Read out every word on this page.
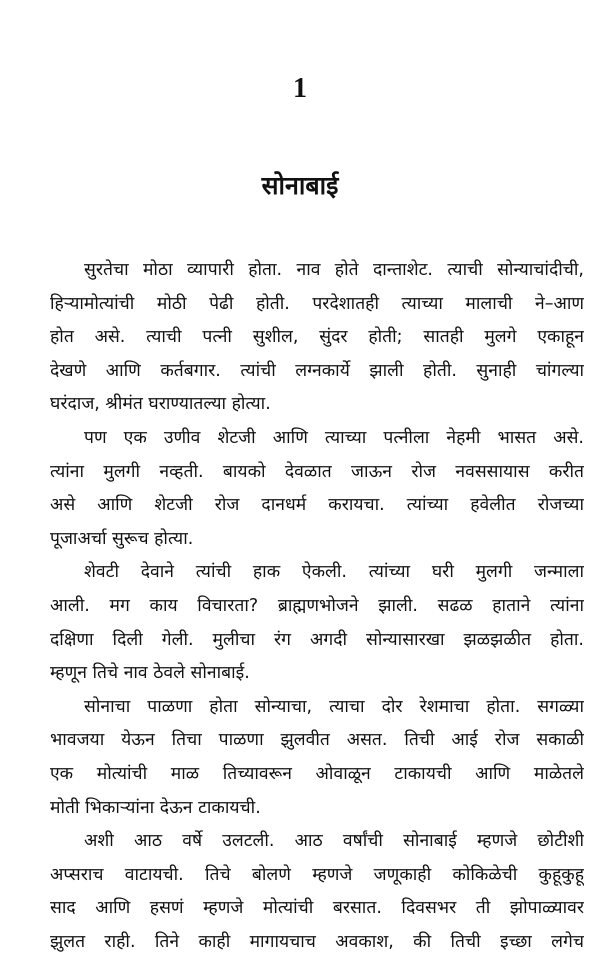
1
सोनाबाई
सुरतेचा मोठा व्यापारी होता. नाव होते दान्ताशेट. त्याची सोन्याचांदीची,
हिऱ्यामोत्यांची मोठी पेढी होती. परदेशातही त्याच्या मालाची ने–आण
होत असे. त्याची पत्नी सुशील, सुंदर होती; सातही मुलगे एकाहून
देखणे आणि कर्तबगार. त्यांची लग्नकार्ये झाली होती. सुनाही चांगल्या
घरंदाज, श्रीमंत घराण्यातल्या होत्या.
पण एक उणीव शेटजी आणि त्याच्या पत्नीला नेहमी भासत असे.
त्यांना मुलगी नव्हती. बायको देवळात जाऊन रोज नवससायास करीत
असे आणि शेटजी रोज दानधर्म करायचा. त्यांच्या हवेलीत रोजच्या
पूजाअर्चा सुरूच होत्या.
शेवटी देवाने त्यांची हाक ऐकली. त्यांच्या घरी मुलगी जन्माला
आली. मग काय विचारता? ब्राह्मणभोजने झाली. सढळ हाताने त्यांना
दक्षिणा दिली गेली. मुलीचा रंग अगदी सोन्यासारखा झळझळीत होता.
म्हणून तिचे नाव ठेवले सोनाबाई.
सोनाचा पाळणा होता सोन्याचा, त्याचा दोर रेशमाचा होता. सगळ्या
भावजया येऊन तिचा पाळणा झुलवीत असत. तिची आई रोज सकाळी
एक मोत्यांची माळ तिच्यावरून ओवाळून टाकायची आणि माळेतले
मोती भिकाऱ्यांना देऊन टाकायची.
अशी आठ वर्षे उलटली. आठ वर्षांची सोनाबाई म्हणजे छोटीशी
अप्सराच वाटायची. तिचे बोलणे म्हणजे जणूकाही कोकिळेची कुहूकुहू
साद आणि हसणं म्हणजे मोत्यांची बरसात. दिवसभर ती झोपाळ्यावर
झुलत राही. तिने काही मागायचाच अवकाश, की तिची इच्छा लगेच
